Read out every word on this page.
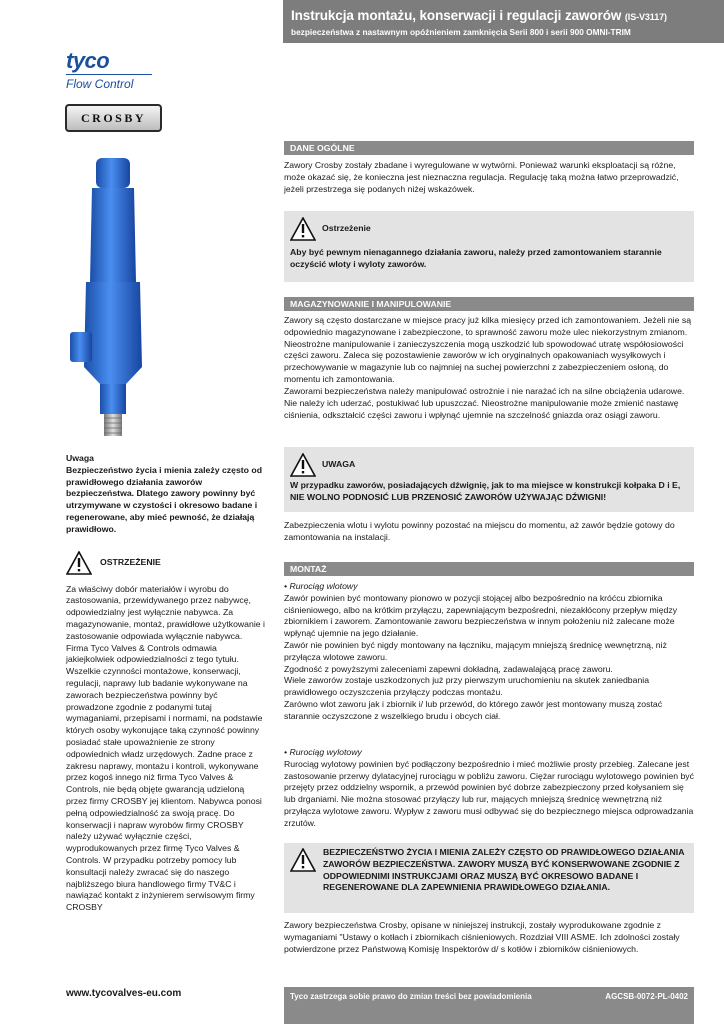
Instrukcja montażu, konserwacji i regulacji zaworów (IS-V3117)
bezpieczeństwa z nastawnym opóźnieniem zamknięcia Serii 800 i serii 900 OMNI-TRIM
tyco
Flow Control
CROSBY
Uwaga
Bezpieczeństwo życia i mienia zależy często od prawidłowego działania zaworów bezpieczeństwa. Dlatego zawory powinny być utrzymywane w czystości i okresowo badane i regenerowane, aby mieć pewność, że działają prawidłowo.
OSTRZEŻENIE
Za właściwy dobór materiałów i wyrobu do zastosowania, przewidywanego przez nabywcę, odpowiedzialny jest wyłącznie nabywca. Za magazynowanie, montaż, prawidłowe użytkowanie i zastosowanie odpowiada wyłącznie nabywca. Firma Tyco Valves & Controls odmawia jakiejkolwiek odpowiedzialności z tego tytułu. Wszelkie czynności montażowe, konserwacji, regulacji, naprawy lub badanie wykonywane na zaworach bezpieczeństwa powinny być prowadzone zgodnie z podanymi tutaj wymaganiami, przepisami i normami, na podstawie których osoby wykonujące taką czynność powinny posiadać stałe upoważnienie ze strony odpowiednich władz urzędowych. Żadne prace z zakresu naprawy, montażu i kontroli, wykonywane przez kogoś innego niż firma Tyco Valves & Controls, nie będą objęte gwarancją udzieloną przez firmy CROSBY jej klientom. Nabywca ponosi pełną odpowiedzialność za swoją pracę. Do konserwacji i napraw wyrobów firmy CROSBY należy używać wyłącznie części, wyprodukowanych przez firmę Tyco Valves & Controls. W przypadku potrzeby pomocy lub konsultacji należy zwracać się do naszego najbliższego biura handlowego firmy TV&C i nawiązać kontakt z inżynierem serwisowym firmy CROSBY
www.tycovalves-eu.com
DANE OGÓLNE
Zawory Crosby zostały zbadane i wyregulowane w wytwórni. Ponieważ warunki eksploatacji są różne, może okazać się, że konieczna jest nieznaczna regulacja. Regulację taką można łatwo przeprowadzić, jeżeli przestrzega się podanych niżej wskazówek.
Ostrzeżenie
Aby być pewnym nienagannego działania zaworu, należy przed zamontowaniem starannie oczyścić wloty i wyloty zaworów.
MAGAZYNOWANIE I MANIPULOWANIE
Zawory są często dostarczane w miejsce pracy już kilka miesięcy przed ich zamontowaniem. Jeżeli nie są odpowiednio magazynowane i zabezpieczone, to sprawność zaworu może ulec niekorzystnym zmianom. Nieostrożne manipulowanie i zanieczyszczenia mogą uszkodzić lub spowodować utratę współosiowości części zaworu. Zaleca się pozostawienie zaworów w ich oryginalnych opakowaniach wysyłkowych i przechowywanie w magazynie lub co najmniej na suchej powierzchni z zabezpieczeniem osłoną, do momentu ich zamontowania.
Zaworami bezpieczeństwa należy manipulować ostrożnie i nie narażać ich na silne obciążenia udarowe. Nie należy ich uderzać, postukiwać lub upuszczać. Nieostrożne manipulowanie może zmienić nastawę ciśnienia, odkształcić części zaworu i wpłynąć ujemnie na szczelność gniazda oraz osiągi zaworu.
UWAGA
W przypadku zaworów, posiadających dźwignię, jak to ma miejsce w konstrukcji kołpaka D i E, NIE WOLNO PODNOSIĆ LUB PRZENOSIĆ ZAWORÓW UŻYWAJĄC DŹWIGNI!
Zabezpieczenia wlotu i wylotu powinny pozostać na miejscu do momentu, aż zawór będzie gotowy do zamontowania na instalacji.
MONTAŻ
• Rurociąg wlotowy
Zawór powinien być montowany pionowo w pozycji stojącej albo bezpośrednio na króćcu zbiornika ciśnieniowego, albo na krótkim przyłączu, zapewniającym bezpośredni, niezakłócony przepływ między zbiornikiem i zaworem. Zamontowanie zaworu bezpieczeństwa w innym położeniu niż zalecane może wpłynąć ujemnie na jego działanie.
Zawór nie powinien być nigdy montowany na łączniku, mającym mniejszą średnicę wewnętrzną, niż przyłącza wlotowe zaworu.
Zgodność z powyższymi zaleceniami zapewni dokładną, zadawalającą pracę zaworu.
Wiele zaworów zostaje uszkodzonych już przy pierwszym uruchomieniu na skutek zaniedbania prawidłowego oczyszczenia przyłączy podczas montażu.
Zarówno wlot zaworu jak i zbiornik i/ lub przewód, do którego zawór jest montowany muszą zostać starannie oczyszczone z wszelkiego brudu i obcych ciał.
• Rurociąg wylotowy
Rurociąg wylotowy powinien być podłączony bezpośrednio i mieć możliwie prosty przebieg. Zalecane jest zastosowanie przerwy dylatacyjnej rurociągu w pobliżu zaworu. Ciężar rurociągu wylotowego powinien być przejęty przez oddzielny wspornik, a przewód powinien być dobrze zabezpieczony przed kołysaniem się lub drganiami. Nie można stosować przyłączy lub rur, mających mniejszą średnicę wewnętrzną niż przyłącza wylotowe zaworu. Wypływ z zaworu musi odbywać się do bezpiecznego miejsca odprowadzania zrzutów.
BEZPIECZEŃSTWO ŻYCIA I MIENIA ZALEŻY CZĘSTO OD PRAWIDŁOWEGO DZIAŁANIA ZAWORÓW BEZPIECZEŃSTWA. ZAWORY MUSZĄ BYĆ KONSERWOWANE ZGODNIE Z ODPOWIEDNIMI INSTRUKCJAMI ORAZ MUSZĄ BYĆ OKRESOWO BADANE I REGENEROWANE DLA ZAPEWNIENIA PRAWIDŁOWEGO DZIAŁANIA.
Zawory bezpieczeństwa Crosby, opisane w niniejszej instrukcji, zostały wyprodukowane zgodnie z wymaganiami "Ustawy o kotłach i zbiornikach ciśnieniowych. Rozdział VIII ASME. Ich zdolności zostały potwierdzone przez Państwową Komisję Inspektorów d/ s kotłów i zbiorników ciśnieniowych.
Tyco zastrzega sobie prawo do zmian treści bez powiadomienia	AGCSB-0072-PL-0402
